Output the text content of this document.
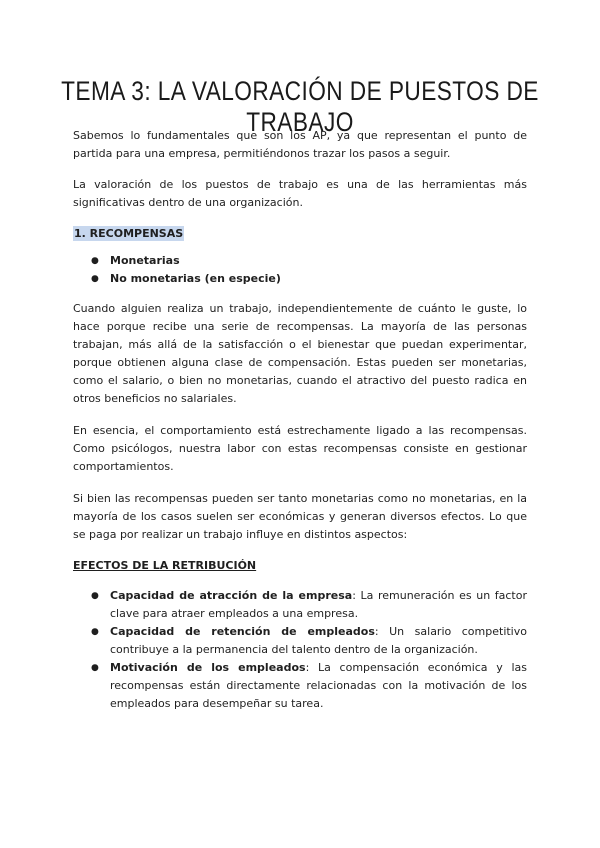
TEMA 3: LA VALORACIÓN DE PUESTOS DE TRABAJO

Sabemos lo fundamentales que son los AP, ya que representan el punto de partida para una empresa, permitiéndonos trazar los pasos a seguir.

La valoración de los puestos de trabajo es una de las herramientas más significativas dentro de una organización.

1. RECOMPENSAS
● Monetarias
● No monetarias (en especie)

Cuando alguien realiza un trabajo, independientemente de cuánto le guste, lo hace porque recibe una serie de recompensas. La mayoría de las personas trabajan, más allá de la satisfacción o el bienestar que puedan experimentar, porque obtienen alguna clase de compensación. Estas pueden ser monetarias, como el salario, o bien no monetarias, cuando el atractivo del puesto radica en otros beneficios no salariales.

En esencia, el comportamiento está estrechamente ligado a las recompensas. Como psicólogos, nuestra labor con estas recompensas consiste en gestionar comportamientos.

Si bien las recompensas pueden ser tanto monetarias como no monetarias, en la mayoría de los casos suelen ser económicas y generan diversos efectos. Lo que se paga por realizar un trabajo influye en distintos aspectos:

EFECTOS DE LA RETRIBUCIÓN
● Capacidad de atracción de la empresa: La remuneración es un factor clave para atraer empleados a una empresa.
● Capacidad de retención de empleados: Un salario competitivo contribuye a la permanencia del talento dentro de la organización.
● Motivación de los empleados: La compensación económica y las recompensas están directamente relacionadas con la motivación de los empleados para desempeñar su tarea.
